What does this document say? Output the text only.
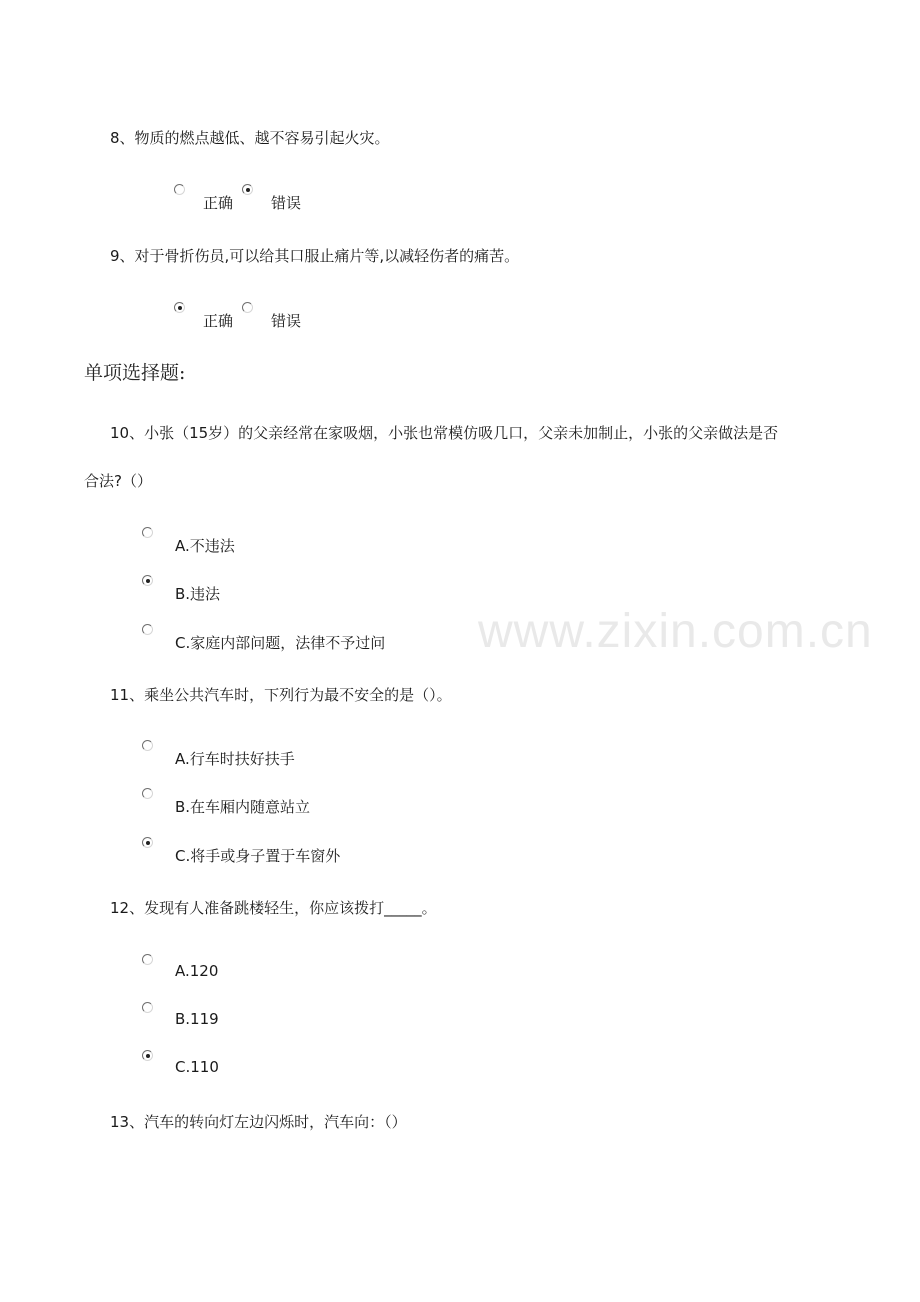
8、物质的燃点越低、越不容易引起火灾。
正确	错误
9、对于骨折伤员,可以给其口服止痛片等,以减轻伤者的痛苦。
正确	错误
单项选择题:
10、小张（15岁）的父亲经常在家吸烟，小张也常模仿吸几口，父亲未加制止，小张的父亲做法是否
合法?（）
A.不违法
B.违法
C.家庭内部问题，法律不予过问 www.zixin.com.cn
11、乘坐公共汽车时，下列行为最不安全的是（）。
A.行车时扶好扶手
B.在车厢内随意站立
C.将手或身子置于车窗外
12、发现有人准备跳楼轻生，你应该拨打_____。
A.120
B.119
C.110
13、汽车的转向灯左边闪烁时，汽车向：（）
